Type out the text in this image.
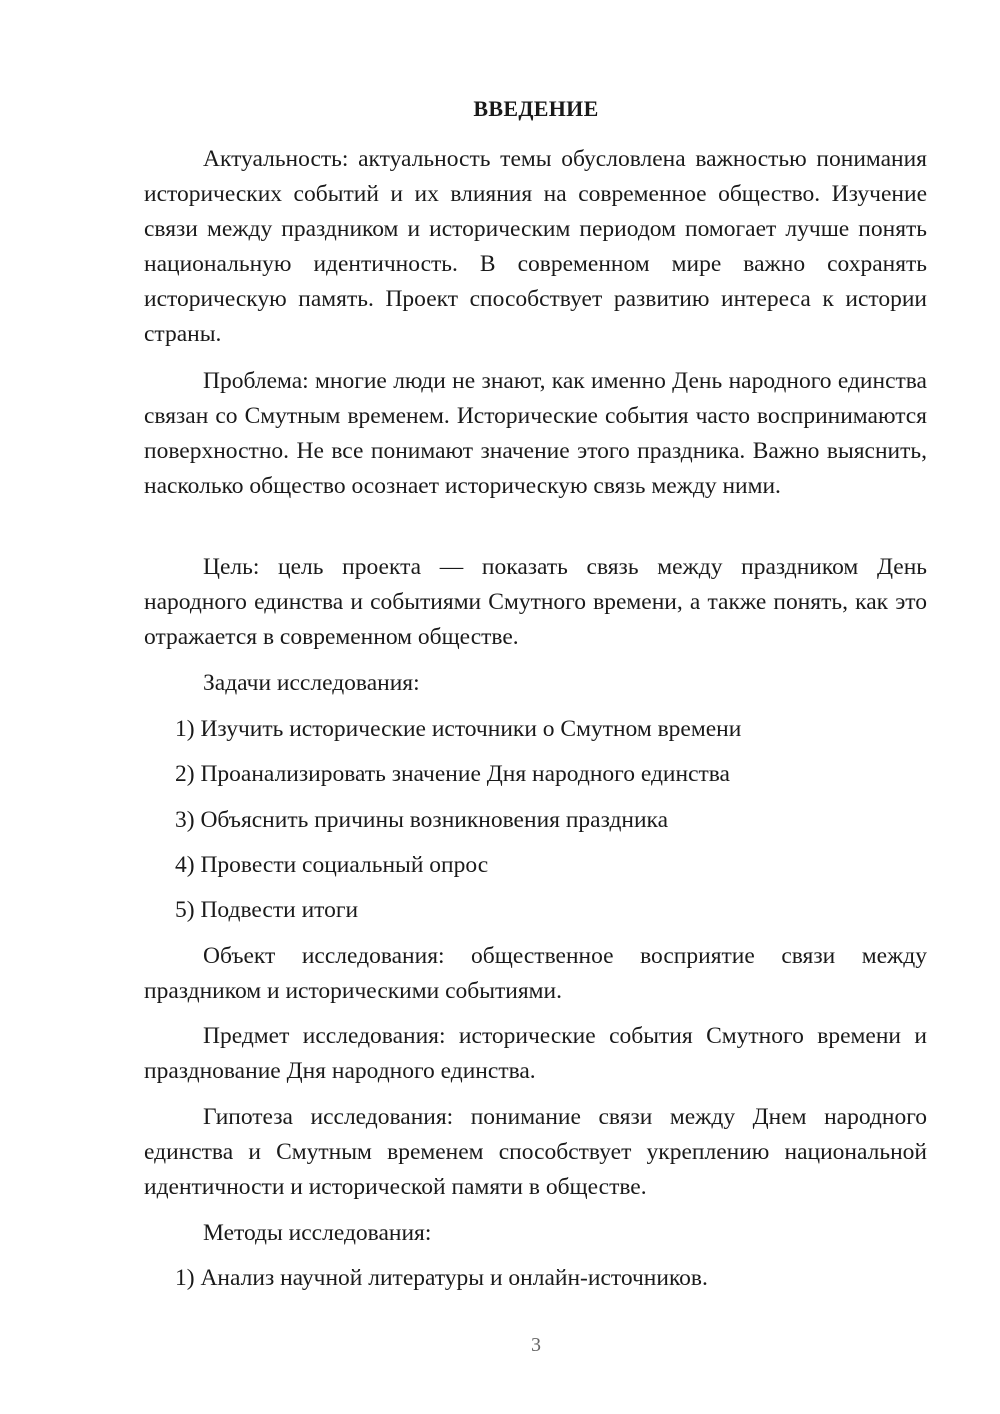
ВВЕДЕНИЕ

Актуальность: актуальность темы обусловлена важностью понимания исторических событий и их влияния на современное общество. Изучение связи между праздником и историческим периодом помогает лучше понять национальную идентичность. В современном мире важно сохранять историческую память. Проект способствует развитию интереса к истории страны.

Проблема: многие люди не знают, как именно День народного единства связан со Смутным временем. Исторические события часто воспринимаются поверхностно. Не все понимают значение этого праздника. Важно выяснить, насколько общество осознает историческую связь между ними.

Цель: цель проекта — показать связь между праздником День народного единства и событиями Смутного времени, а также понять, как это отражается в современном обществе.

Задачи исследования:

1) Изучить исторические источники о Смутном времени

2) Проанализировать значение Дня народного единства

3) Объяснить причины возникновения праздника

4) Провести социальный опрос

5) Подвести итоги

Объект исследования: общественное восприятие связи между праздником и историческими событиями.

Предмет исследования: исторические события Смутного времени и празднование Дня народного единства.

Гипотеза исследования: понимание связи между Днем народного единства и Смутным временем способствует укреплению национальной идентичности и исторической памяти в обществе.

Методы исследования:

1) Анализ научной литературы и онлайн-источников.

3
